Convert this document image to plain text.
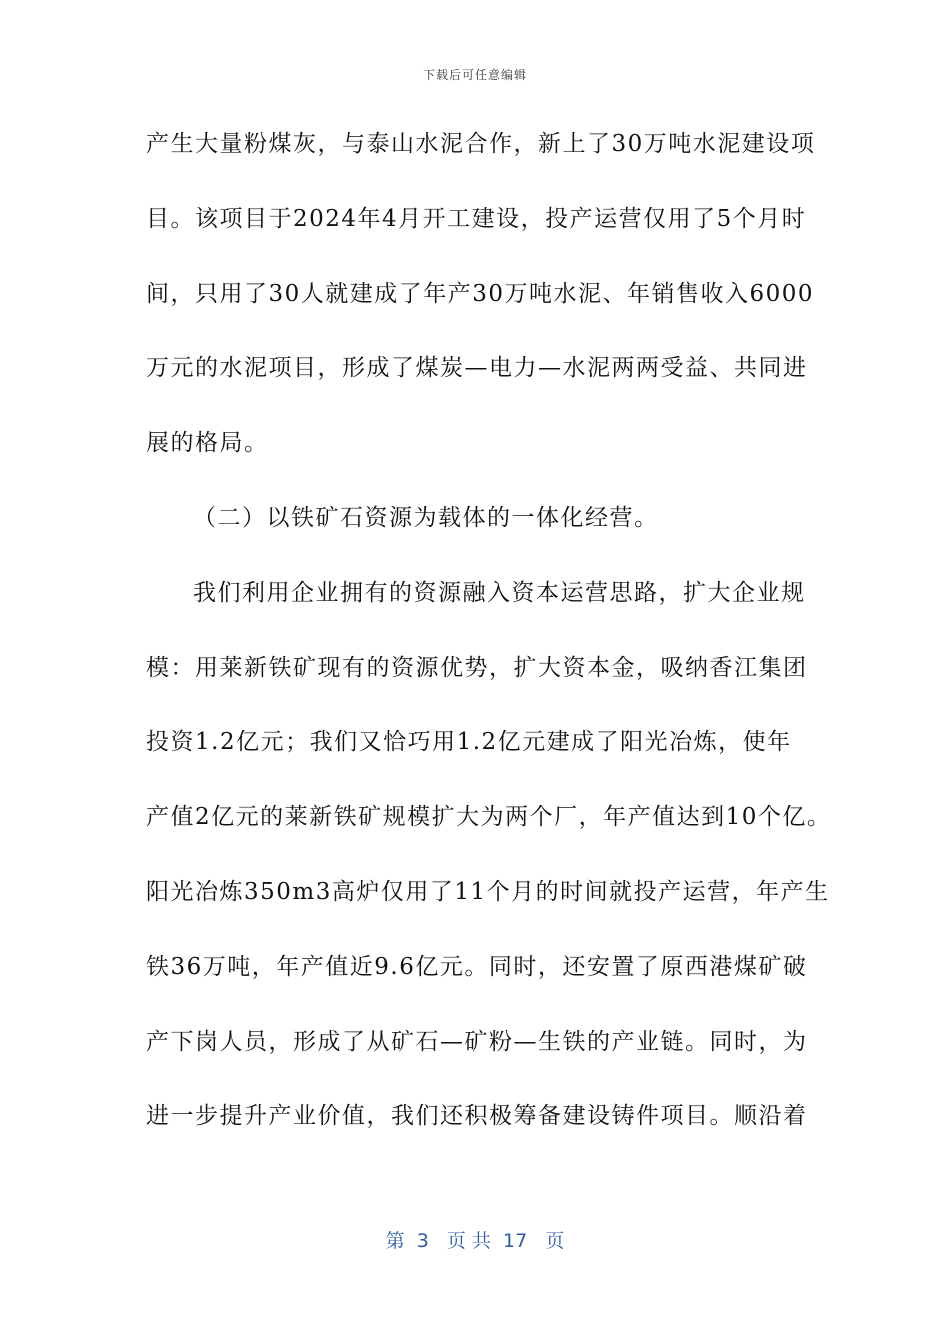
下载后可任意编辑
产生大量粉煤灰，与泰山水泥合作，新上了30万吨水泥建设项
目。该项目于2024年4月开工建设，投产运营仅用了5个月时
间，只用了30人就建成了年产30万吨水泥、年销售收入6000
万元的水泥项目，形成了煤炭—电力—水泥两两受益、共同进
展的格局。
（二）以铁矿石资源为载体的一体化经营。
我们利用企业拥有的资源融入资本运营思路，扩大企业规
模：用莱新铁矿现有的资源优势，扩大资本金，吸纳香江集团
投资1.2亿元；我们又恰巧用1.2亿元建成了阳光冶炼，使年
产值2亿元的莱新铁矿规模扩大为两个厂，年产值达到10个亿。
阳光冶炼350m3高炉仅用了11个月的时间就投产运营，年产生
铁36万吨，年产值近9.6亿元。同时，还安置了原西港煤矿破
产下岗人员，形成了从矿石—矿粉—生铁的产业链。同时，为
进一步提升产业价值，我们还积极筹备建设铸件项目。顺沿着
第  3   页 共  17   页
